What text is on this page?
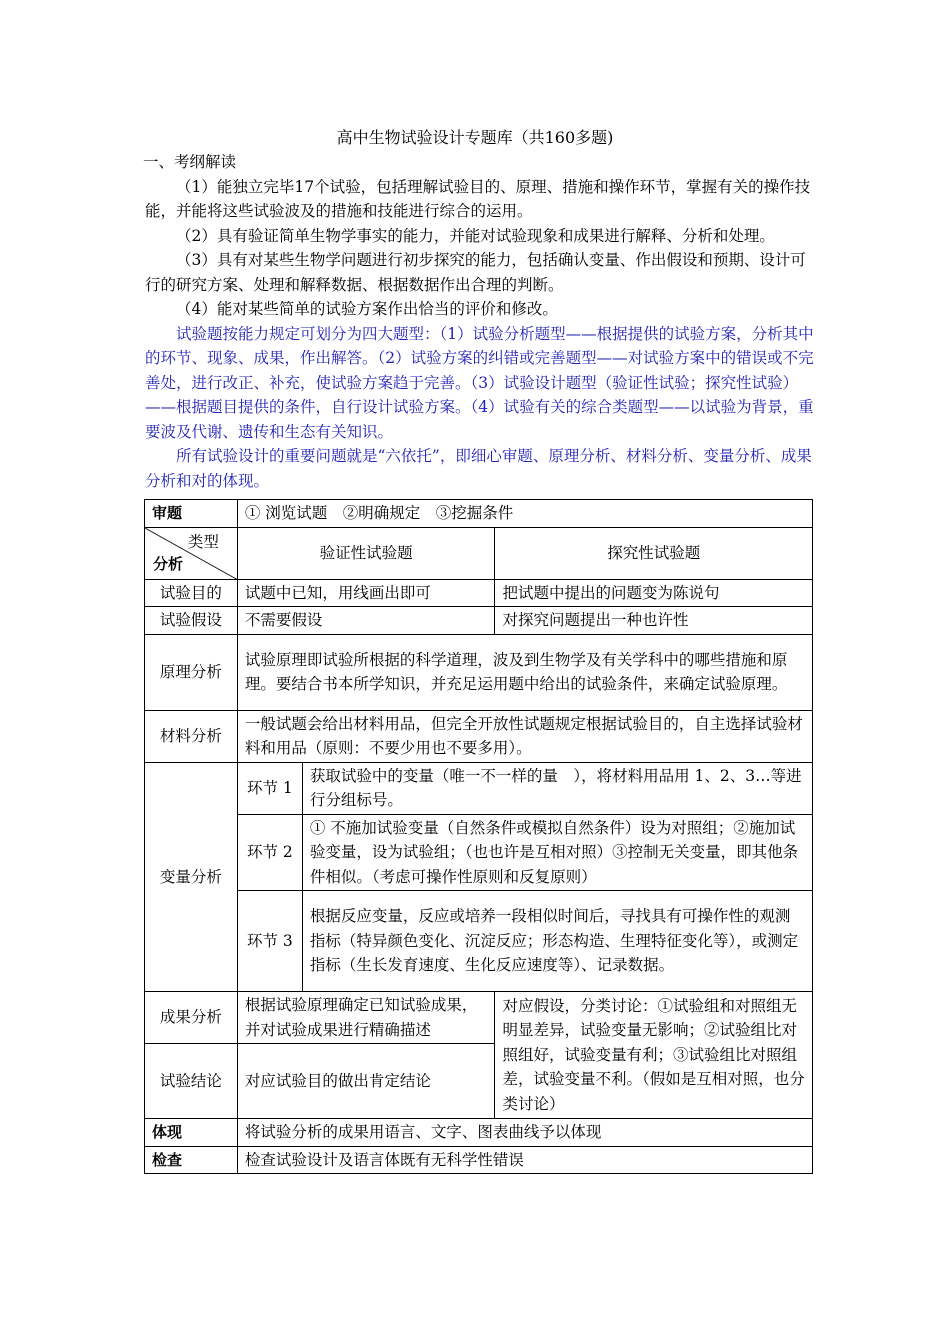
高中生物试验设计专题库（共160多题)

一、考纲解读

（1）能独立完毕17个试验，包括理解试验目的、原理、措施和操作环节，掌握有关的操作技能，并能将这些试验波及的措施和技能进行综合的运用。

（2）具有验证简单生物学事实的能力，并能对试验现象和成果进行解释、分析和处理。

（3）具有对某些生物学问题进行初步探究的能力，包括确认变量、作出假设和预期、设计可行的研究方案、处理和解释数据、根据数据作出合理的判断。

（4）能对某些简单的试验方案作出恰当的评价和修改。

试验题按能力规定可划分为四大题型：（1）试验分析题型——根据提供的试验方案，分析其中的环节、现象、成果，作出解答。（2）试验方案的纠错或完善题型——对试验方案中的错误或不完善处，进行改正、补充，使试验方案趋于完善。（3）试验设计题型（验证性试验；探究性试验）——根据题目提供的条件，自行设计试验方案。（4）试验有关的综合类题型——以试验为背景，重要波及代谢、遗传和生态有关知识。

所有试验设计的重要问题就是“六依托”，即细心审题、原理分析、材料分析、变量分析、成果分析和对的体现。

审题	① 浏览试题　②明确规定　③挖掘条件		

类型
分析	验证性试验题		探究性试验题
试验目的	试题中已知，用线画出即可		把试题中提出的问题变为陈说句
试验假设	不需要假设		对探究问题提出一种也许性
原理分析	试验原理即试验所根据的科学道理，波及到生物学及有关学科中的哪些措施和原理。要结合书本所学知识，并充足运用题中给出的试验条件，来确定试验原理。		
材料分析	一般试题会给出材料用品，但完全开放性试题规定根据试验目的，自主选择试验材料和用品（原则：不要少用也不要多用）。		
变量分析	环节 1	获取试验中的变量（唯一不一样的量　），将材料用品用 1、2、3…等进行分组标号。	
	环节 2	① 不施加试验变量（自然条件或模拟自然条件）设为对照组；②施加试验变量，设为试验组；（也也许是互相对照）③控制无关变量，即其他条件相似。（考虑可操作性原则和反复原则）	
	环节 3	根据反应变量，反应或培养一段相似时间后，寻找具有可操作性的观测指标（特异颜色变化、沉淀反应；形态构造、生理特征变化等），或测定指标（生长发育速度、生化反应速度等）、记录数据。	
成果分析	根据试验原理确定已知试验成果，并对试验成果进行精确描述		对应假设，分类讨论：①试验组和对照组无明显差异，试验变量无影响；②试验组比对照组好，试验变量有利；③试验组比对照组差，试验变量不利。（假如是互相对照，也分类讨论）
试验结论	对应试验目的做出肯定结论		
体现	将试验分析的成果用语言、文字、图表曲线予以体现		
检查	检查试验设计及语言体既有无科学性错误		
